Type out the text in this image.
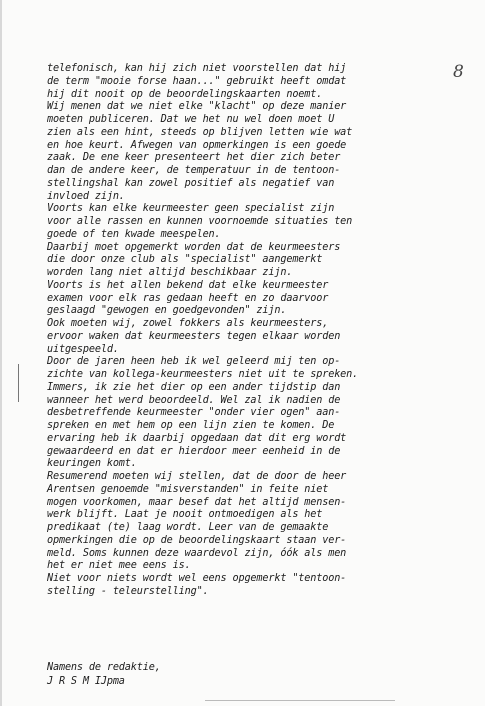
8
telefonisch, kan hij zich niet voorstellen dat hij
de term "mooie forse haan..." gebruikt heeft omdat
hij dit nooit op de beoordelingskaarten noemt.
Wij menen dat we niet elke "klacht" op deze manier
moeten publiceren. Dat we het nu wel doen moet U
zien als een hint, steeds op blijven letten wie wat
en hoe keurt. Afwegen van opmerkingen is een goede
zaak. De ene keer presenteert het dier zich beter
dan de andere keer, de temperatuur in de tentoon-
stellingshal kan zowel positief als negatief van
invloed zijn.
Voorts kan elke keurmeester geen specialist zijn
voor alle rassen en kunnen voornoemde situaties ten
goede of ten kwade meespelen.
Daarbij moet opgemerkt worden dat de keurmeesters
die door onze club als "specialist" aangemerkt
worden lang niet altijd beschikbaar zijn.
Voorts is het allen bekend dat elke keurmeester
examen voor elk ras gedaan heeft en zo daarvoor
geslaagd "gewogen en goedgevonden" zijn.
Ook moeten wij, zowel fokkers als keurmeesters,
ervoor waken dat keurmeesters tegen elkaar worden
uitgespeeld.
Door de jaren heen heb ik wel geleerd mij ten op-
zichte van kollega-keurmeesters niet uit te spreken.
Immers, ik zie het dier op een ander tijdstip dan
wanneer het werd beoordeeld. Wel zal ik nadien de
desbetreffende keurmeester "onder vier ogen" aan-
spreken en met hem op een lijn zien te komen. De
ervaring heb ik daarbij opgedaan dat dit erg wordt
gewaardeerd en dat er hierdoor meer eenheid in de
keuringen komt.
Resumerend moeten wij stellen, dat de door de heer
Arentsen genoemde "misverstanden" in feite niet
mogen voorkomen, maar besef dat het altijd mensen-
werk blijft. Laat je nooit ontmoedigen als het
predikaat (te) laag wordt. Leer van de gemaakte
opmerkingen die op de beoordelingskaart staan ver-
meld. Soms kunnen deze waardevol zijn, óók als men
het er niet mee eens is.
Niet voor niets wordt wel eens opgemerkt "tentoon-
stelling - teleurstelling".
Namens de redaktie,
J R S M IJpma
